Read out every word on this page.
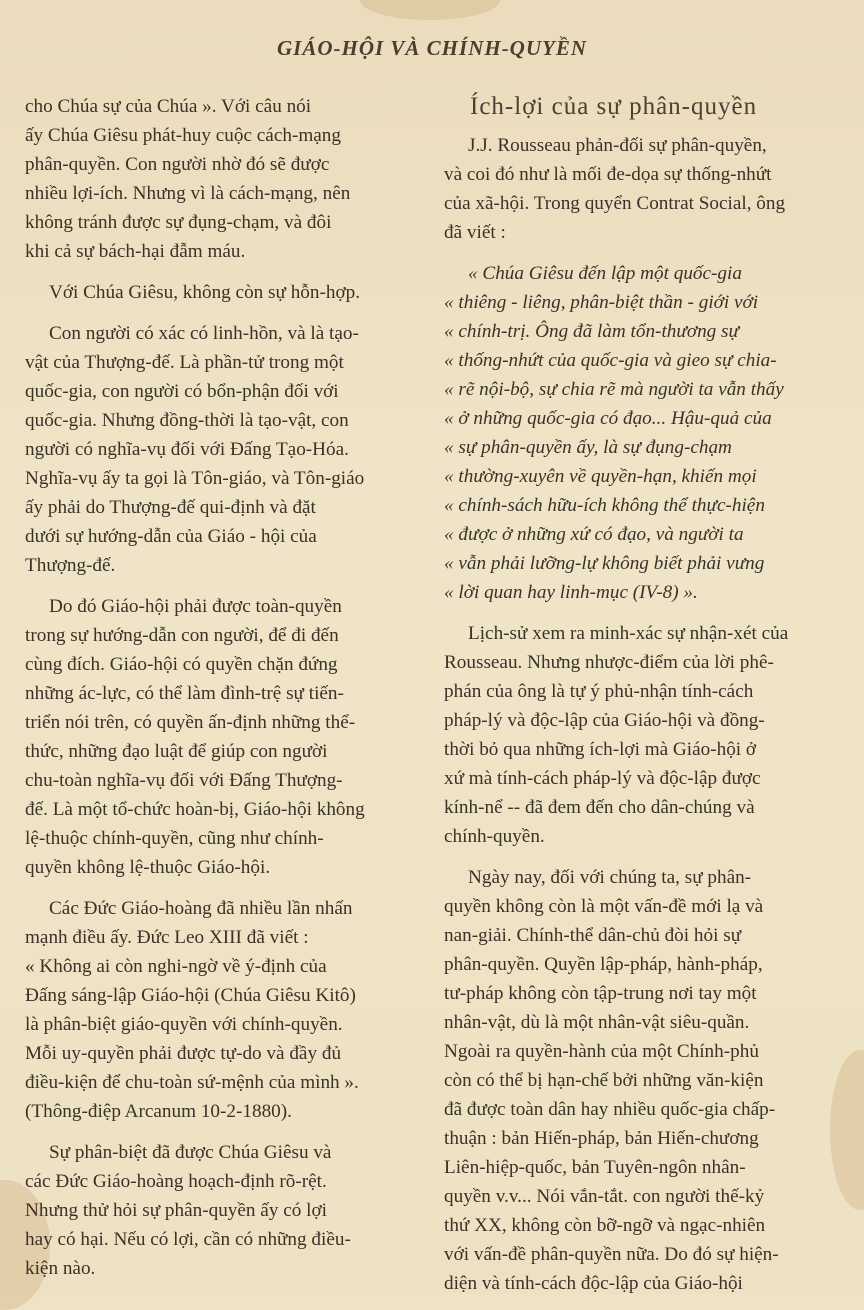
GIÁO-HỘI VÀ CHÍNH-QUYỀN

cho Chúa sự của Chúa ». Với câu nói
ấy Chúa Giêsu phát-huy cuộc cách-mạng
phân-quyền. Con người nhờ đó sẽ được
nhiều lợi-ích. Nhưng vì là cách-mạng, nên
không tránh được sự đụng-chạm, và đôi
khi cả sự bách-hại đẫm máu.

Với Chúa Giêsu, không còn sự hỗn-hợp.

Con người có xác có linh-hồn, và là tạo-
vật của Thượng-đế. Là phần-tử trong một
quốc-gia, con người có bổn-phận đối với
quốc-gia. Nhưng đồng-thời là tạo-vật, con
người có nghĩa-vụ đối với Đấng Tạo-Hóa.
Nghĩa-vụ ấy ta gọi là Tôn-giáo, và Tôn-giáo
ấy phải do Thượng-đế qui-định và đặt
dưới sự hướng-dẫn của Giáo - hội của
Thượng-đế.

Do đó Giáo-hội phải được toàn-quyền
trong sự hướng-dẫn con người, để đi đến
cùng đích. Giáo-hội có quyền chặn đứng
những ác-lực, có thể làm đình-trệ sự tiến-
triển nói trên, có quyền ấn-định những thể-
thức, những đạo luật để giúp con người
chu-toàn nghĩa-vụ đối với Đấng Thượng-
đế. Là một tổ-chức hoàn-bị, Giáo-hội không
lệ-thuộc chính-quyền, cũng như chính-
quyền không lệ-thuộc Giáo-hội.

Các Đức Giáo-hoàng đã nhiều lần nhấn
mạnh điều ấy. Đức Leo XIII đã viết :
« Không ai còn nghi-ngờ về ý-định của
Đấng sáng-lập Giáo-hội (Chúa Giêsu Kitô)
là phân-biệt giáo-quyền với chính-quyền.
Mỗi uy-quyền phải được tự-do và đầy đủ
điều-kiện để chu-toàn sứ-mệnh của mình ».
(Thông-điệp Arcanum 10-2-1880).

Sự phân-biệt đã được Chúa Giêsu và
các Đức Giáo-hoàng hoạch-định rõ-rệt.
Nhưng thử hỏi sự phân-quyền ấy có lợi
hay có hại. Nếu có lợi, cần có những điều-
kiện nào.

Ích-lợi của sự phân-quyền

J.J. Rousseau phản-đối sự phân-quyền,
và coi đó như là mối đe-dọa sự thống-nhứt
của xã-hội. Trong quyển Contrat Social, ông
đã viết :

« Chúa Giêsu đến lập một quốc-gia
« thiêng - liêng, phân-biệt thần - giới với
« chính-trị. Ông đã làm tổn-thương sự
« thống-nhứt của quốc-gia và gieo sự chia-
« rẽ nội-bộ, sự chia rẽ mà người ta vẫn thấy
« ở những quốc-gia có đạo... Hậu-quả của
« sự phân-quyền ấy, là sự đụng-chạm
« thường-xuyên về quyền-hạn, khiến mọi
« chính-sách hữu-ích không thể thực-hiện
« được ở những xứ có đạo, và người ta
« vẫn phải lưỡng-lự không biết phải vưng
« lời quan hay linh-mục (IV-8) ».

Lịch-sử xem ra minh-xác sự nhận-xét của
Rousseau. Nhưng nhược-điểm của lời phê-
phán của ông là tự ý phủ-nhận tính-cách
pháp-lý và độc-lập của Giáo-hội và đồng-
thời bỏ qua những ích-lợi mà Giáo-hội ở
xứ mà tính-cách pháp-lý và độc-lập được
kính-nể -- đã đem đến cho dân-chúng và
chính-quyền.

Ngày nay, đối với chúng ta, sự phân-
quyền không còn là một vấn-đề mới lạ và
nan-giải. Chính-thể dân-chủ đòi hỏi sự
phân-quyền. Quyền lập-pháp, hành-pháp,
tư-pháp không còn tập-trung nơi tay một
nhân-vật, dù là một nhân-vật siêu-quần.
Ngoài ra quyền-hành của một Chính-phủ
còn có thể bị hạn-chế bởi những văn-kiện
đã được toàn dân hay nhiều quốc-gia chấp-
thuận : bản Hiến-pháp, bản Hiến-chương
Liên-hiệp-quốc, bản Tuyên-ngôn nhân-
quyền v.v... Nói vắn-tắt. con người thế-kỷ
thứ XX, không còn bỡ-ngỡ và ngạc-nhiên
với vấn-đề phân-quyền nữa. Do đó sự hiện-
diện và tính-cách độc-lập của Giáo-hội
